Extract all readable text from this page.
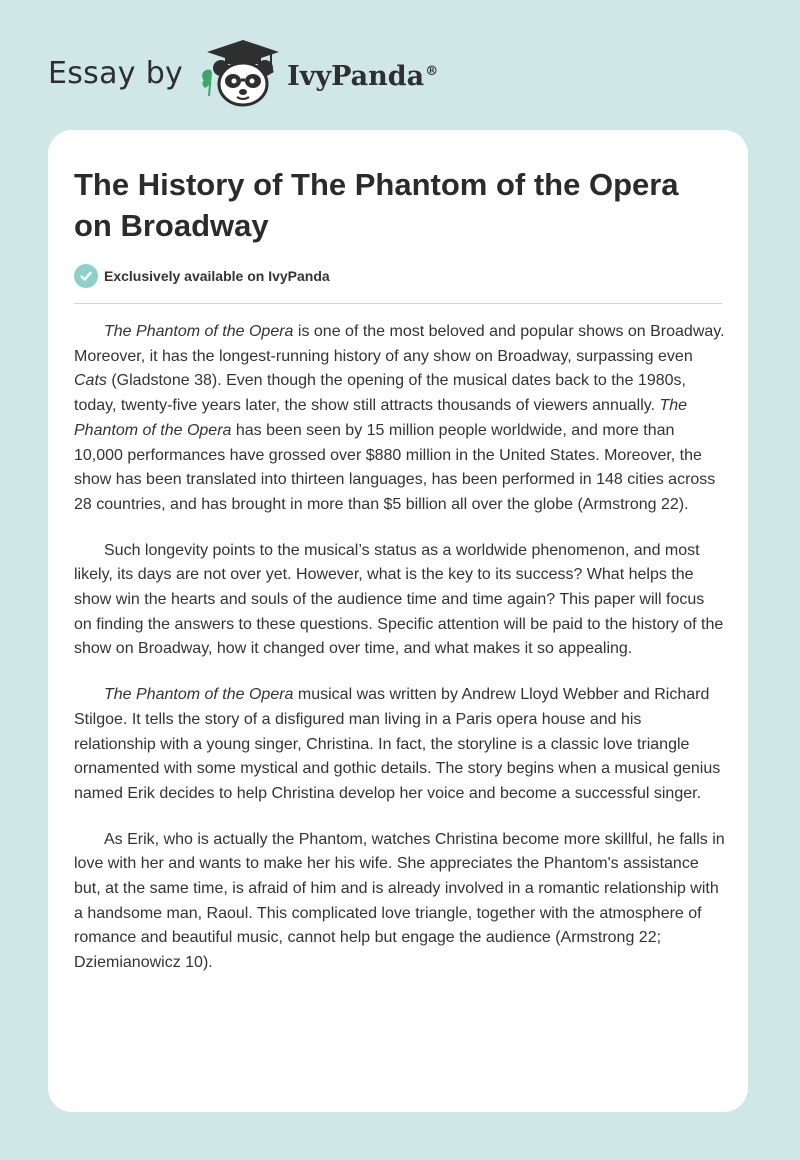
Essay by	IvyPanda®
The History of The Phantom of the Opera on Broadway
Exclusively available on IvyPanda

The Phantom of the Opera is one of the most beloved and popular shows on Broadway. Moreover, it has the longest-running history of any show on Broadway, surpassing even Cats (Gladstone 38). Even though the opening of the musical dates back to the 1980s, today, twenty-five years later, the show still attracts thousands of viewers annually. The Phantom of the Opera has been seen by 15 million people worldwide, and more than 10,000 performances have grossed over $880 million in the United States. Moreover, the show has been translated into thirteen languages, has been performed in 148 cities across 28 countries, and has brought in more than $5 billion all over the globe (Armstrong 22).

Such longevity points to the musical’s status as a worldwide phenomenon, and most likely, its days are not over yet. However, what is the key to its success? What helps the show win the hearts and souls of the audience time and time again? This paper will focus on finding the answers to these questions. Specific attention will be paid to the history of the show on Broadway, how it changed over time, and what makes it so appealing.

The Phantom of the Opera musical was written by Andrew Lloyd Webber and Richard Stilgoe. It tells the story of a disfigured man living in a Paris opera house and his relationship with a young singer, Christina. In fact, the storyline is a classic love triangle ornamented with some mystical and gothic details. The story begins when a musical genius named Erik decides to help Christina develop her voice and become a successful singer.

As Erik, who is actually the Phantom, watches Christina become more skillful, he falls in love with her and wants to make her his wife. She appreciates the Phantom's assistance but, at the same time, is afraid of him and is already involved in a romantic relationship with a handsome man, Raoul. This complicated love triangle, together with the atmosphere of romance and beautiful music, cannot help but engage the audience (Armstrong 22; Dziemianowicz 10).
